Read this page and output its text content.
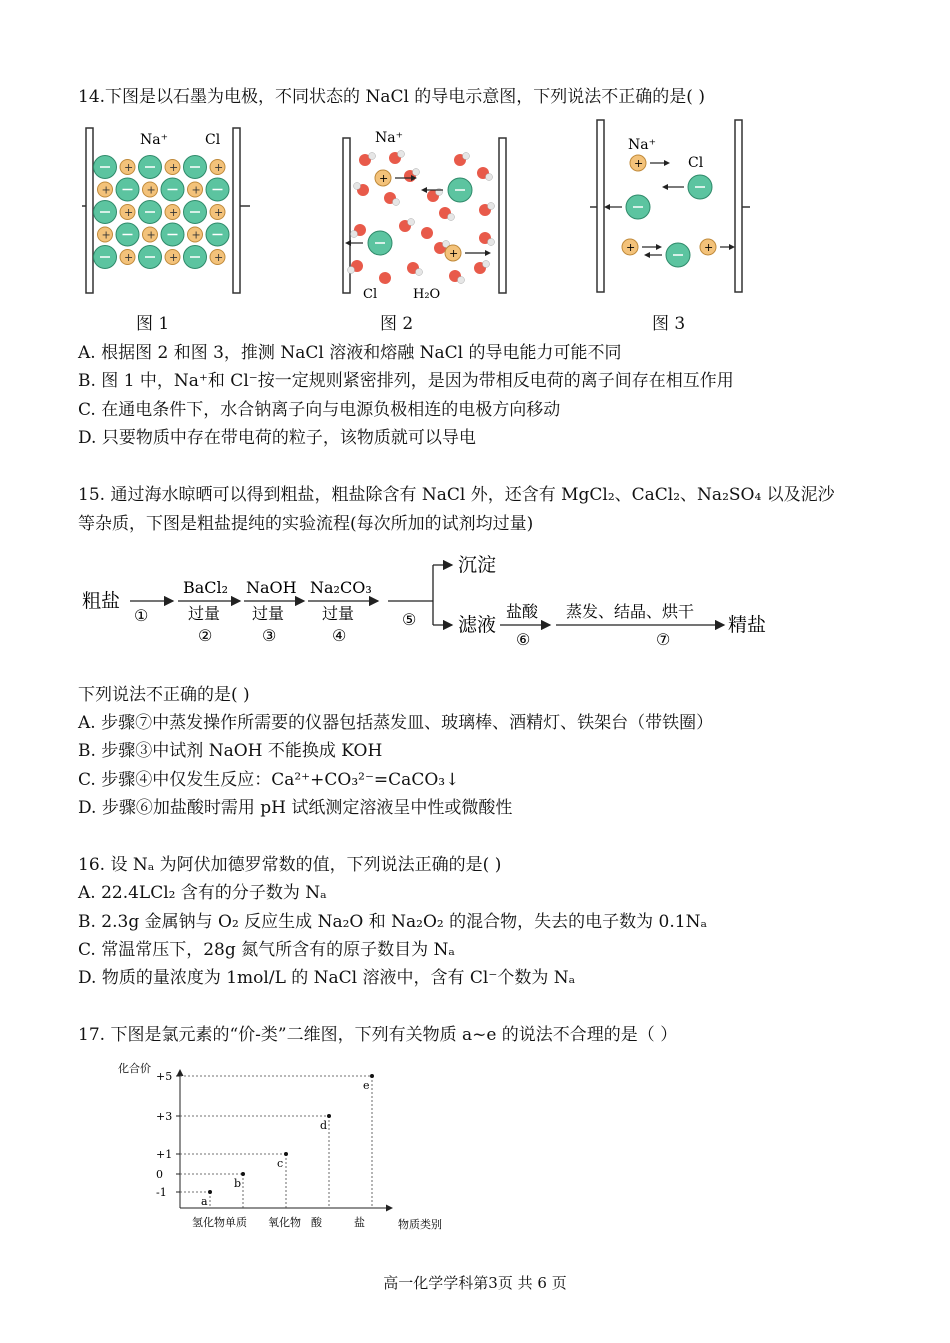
14.下图是以石墨为电极，不同状态的 NaCl 的导电示意图，下列说法不正确的是( )
Na⁺	Cl
+	+	+
+	+	+
+	+	+
+	+	+
+	+	+
图 1
Na⁺
+
+
Cl	H₂O
图 2
Na⁺
Cl
+
+	+
图 3
A. 根据图 2 和图 3，推测 NaCl 溶液和熔融 NaCl 的导电能力可能不同
B. 图 1 中，Na⁺和 Cl⁻按一定规则紧密排列，是因为带相反电荷的离子间存在相互作用
C. 在通电条件下，水合钠离子向与电源负极相连的电极方向移动
D. 只要物质中存在带电荷的粒子，该物质就可以导电
15. 通过海水晾晒可以得到粗盐，粗盐除含有 NaCl 外，还含有 MgCl₂、CaCl₂、Na₂SO₄ 以及泥沙
等杂质，下图是粗盐提纯的实验流程(每次所加的试剂均过量)
粗盐
①
BaCl₂
过量
②
NaOH
过量
③
Na₂CO₃
过量
④
⑤
沉淀
滤液
盐酸
⑥
蒸发、结晶、烘干
⑦
精盐
下列说法不正确的是( )
A. 步骤⑦中蒸发操作所需要的仪器包括蒸发皿、玻璃棒、酒精灯、铁架台（带铁圈）
B. 步骤③中试剂 NaOH 不能换成 KOH
C. 步骤④中仅发生反应：Ca²⁺+CO₃²⁻=CaCO₃↓
D. 步骤⑥加盐酸时需用 pH 试纸测定溶液呈中性或微酸性
16. 设 Nₐ 为阿伏加德罗常数的值，下列说法正确的是( )
A. 22.4LCl₂ 含有的分子数为 Nₐ
B. 2.3g 金属钠与 O₂ 反应生成 Na₂O 和 Na₂O₂ 的混合物，失去的电子数为 0.1Nₐ
C. 常温常压下，28g 氮气所含有的原子数目为 Nₐ
D. 物质的量浓度为 1mol/L 的 NaCl 溶液中，含有 Cl⁻个数为 Nₐ
17. 下图是氯元素的“价-类”二维图，下列有关物质 a~e 的说法不合理的是（ ）
化合价
物质类别
+5
+3
+1
0
-1
氢化物 单质 氧化物 酸	盐
a
b
c
d
e
高一化学学科第3页 共 6 页
